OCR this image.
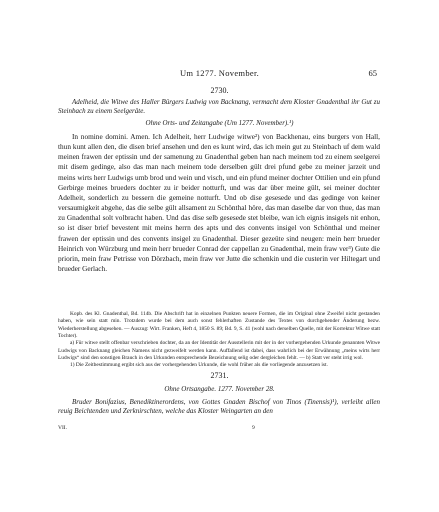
Um 1277. November.	65
2730.

Adelheid, die Witwe des Haller Bürgers Ludwig von Backnang, vermacht dem Kloster Gnadenthal ihr Gut zu Steinbach zu einem Seelgeräte.

Ohne Orts- und Zeitangabe (Um 1277. November).¹)

In nomine domini. Amen. Ich Adelheit, herr Ludwige witwe²) von Backhenau, eins burgers von Hall, thun kunt allen den, die disen brief ansehen und den es kunt wird, das ich mein gut zu Steinbach uf dem wald meinen frawen der eptissin und der samenung zu Gnadenthal geben han nach meinem tod zu einem seelgerei mit disem gedinge, also das man nach meinem tode derselben gült drei pfund gebe zu meiner jarzeit und meins wirts herr Ludwigs umb brod und wein und visch, und ein pfund meiner dochter Ottilien und ein pfund Gerbirge meines brueders dochter zu ir beider notturft, und was dar über meine gült, sei meiner dochter Adelheit, sonderlich zu bessern die gemeine notturft. Und ob dise gesesede und das gedinge von keiner versaumigkeit abgehe, das die selbe gült allsament zu Schönthal höre, das man daselbe dar von thue, das man zu Gnadenthal solt volbracht haben. Und das dise selb gesesede stet bleibe, wan ich eignis insigels nit enhon, so ist diser brief bevestent mit meins herrn des apts und des convents insigel von Schönthal und meiner frawen der eptissin und des convents insigel zu Gnadenthal. Dieser gezeüte sind neugen: mein herr brueder Heinrich von Würzburg und mein herr brueder Conrad der cappellan zu Gnadenthal, mein fraw ver³) Gute die priorin, mein fraw Petrisse von Dörzbach, mein fraw ver Jutte die schenkin und die custerin ver Hiltegart und brueder Gerlach.

Kopb. des Kl. Gnadenthal, Bd. 114b. Die Abschrift hat in einzelnen Punkten neuere Formen, die im Original ohne Zweifel nicht gestanden haben, wie sein statt min. Trotzdem wurde bei dem auch sonst fehlerhaften Zustande des Textes von durchgehender Änderung bezw. Wiederherstellung abgesehen. — Auszug: Wirt. Franken, Heft 4, 1850 S. 89; Bd. 9, S. 41 (wohl nach derselben Quelle, mit der Korrektur Witwe statt Tochter).

a) Für witwe stellt offenbar verschrieben dochter, da an der Identität der Ausstellerin mit der in der vorhergehenden Urkunde genannten Witwe Ludwigs von Backnang gleichen Namens nicht gezweifelt werden kann. Auffallend ist dabei, dass wahrlich bei der Erwähnung „meins wirts herr Ludwigs“ sind den sonstigen Brauch in den Urkunden entsprechende Bezeichnung selig oder dergleichen fehlt. — b) Statt ver steht irrig wol.

1) Die Zeitbestimmung ergibt sich aus der vorhergehenden Urkunde, die wohl früher als die vorliegende anzusetzen ist.

2731.
Ohne Ortsangabe. 1277. November 28.

Bruder Bonifazius, Benediktinerordens, von Gottes Gnaden Bischof von Tinos (Tinensis)¹), verleiht allen reuig Beichtenden und Zerknirschten, welche das Kloster Weingarten an den

VII.	9
